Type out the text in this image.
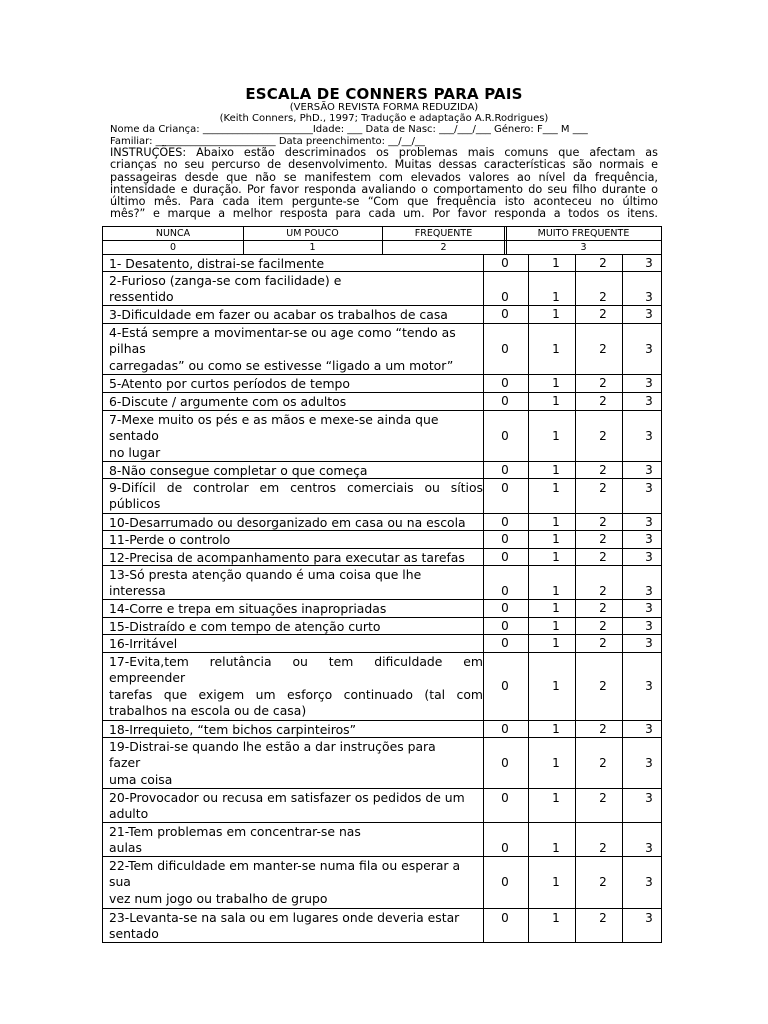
ESCALA DE CONNERS PARA PAIS
(VERSÃO REVISTA FORMA REDUZIDA)
(Keith Conners, PhD., 1997; Tradução e adaptação A.R.Rodrigues)
Nome da Criança: ______________________Idade: ___ Data de Nasc: ___/___/___ Género: F___ M ___
Familiar: ________________________ Data preenchimento: __/__/__
INSTRUÇÕES: Abaixo estão descriminados os problemas mais comuns que afectam as
crianças no seu percurso de desenvolvimento. Muitas dessas características são normais e
passageiras desde que não se manifestem com elevados valores ao nível da frequência,
intensidade e duração. Por favor responda avaliando o comportamento do seu filho durante o
último mês. Para cada item pergunte-se “Com que frequência isto aconteceu no último
mês?” e marque a melhor resposta para cada um. Por favor responda a todos os itens.
NUNCA	UM POUCO	FREQUENTE	MUITO FREQUENTE
0	1	2	3
1- Desatento, distrai-se facilmente	0	1	2	3
2-Furioso (zanga-se com facilidade) e
ressentido	0	1	2	3
3-Dificuldade em fazer ou acabar os trabalhos de casa	0	1	2	3
4-Está sempre a movimentar-se ou age como “tendo as
pilhas
carregadas” ou como se estivesse “ligado a um motor”
0	1	2	3
5-Atento por curtos períodos de tempo	0	1	2	3
6-Discute / argumente com os adultos	0	1	2	3
7-Mexe muito os pés e as mãos e mexe-se ainda que
sentado
no lugar
0	1	2	3
8-Não consegue completar o que começa	0	1	2	3
9-Difícil de controlar em centros comerciais ou sítios
públicos
0	1	2	3
10-Desarrumado ou desorganizado em casa ou na escola	0	1	2	3
11-Perde o controlo	0	1	2	3
12-Precisa de acompanhamento para executar as tarefas	0	1	2	3
13-Só presta atenção quando é uma coisa que lhe
interessa	0	1	2	3
14-Corre e trepa em situações inapropriadas	0	1	2	3
15-Distraído e com tempo de atenção curto	0	1	2	3
16-Irritável	0	1	2	3
17-Evita,tem relutância ou tem dificuldade em
empreender
tarefas que exigem um esforço continuado (tal com
trabalhos na escola ou de casa)
0	1	2	3
18-Irrequieto, “tem bichos carpinteiros”	0	1	2	3
19-Distrai-se quando lhe estão a dar instruções para
fazer
uma coisa
0	1	2	3
20-Provocador ou recusa em satisfazer os pedidos de um
adulto
0	1	2	3
21-Tem problemas em concentrar-se nas
aulas	0	1	2	3
22-Tem dificuldade em manter-se numa fila ou esperar a
sua
vez num jogo ou trabalho de grupo
0	1	2	3
23-Levanta-se na sala ou em lugares onde deveria estar
sentado
0	1	2	3
